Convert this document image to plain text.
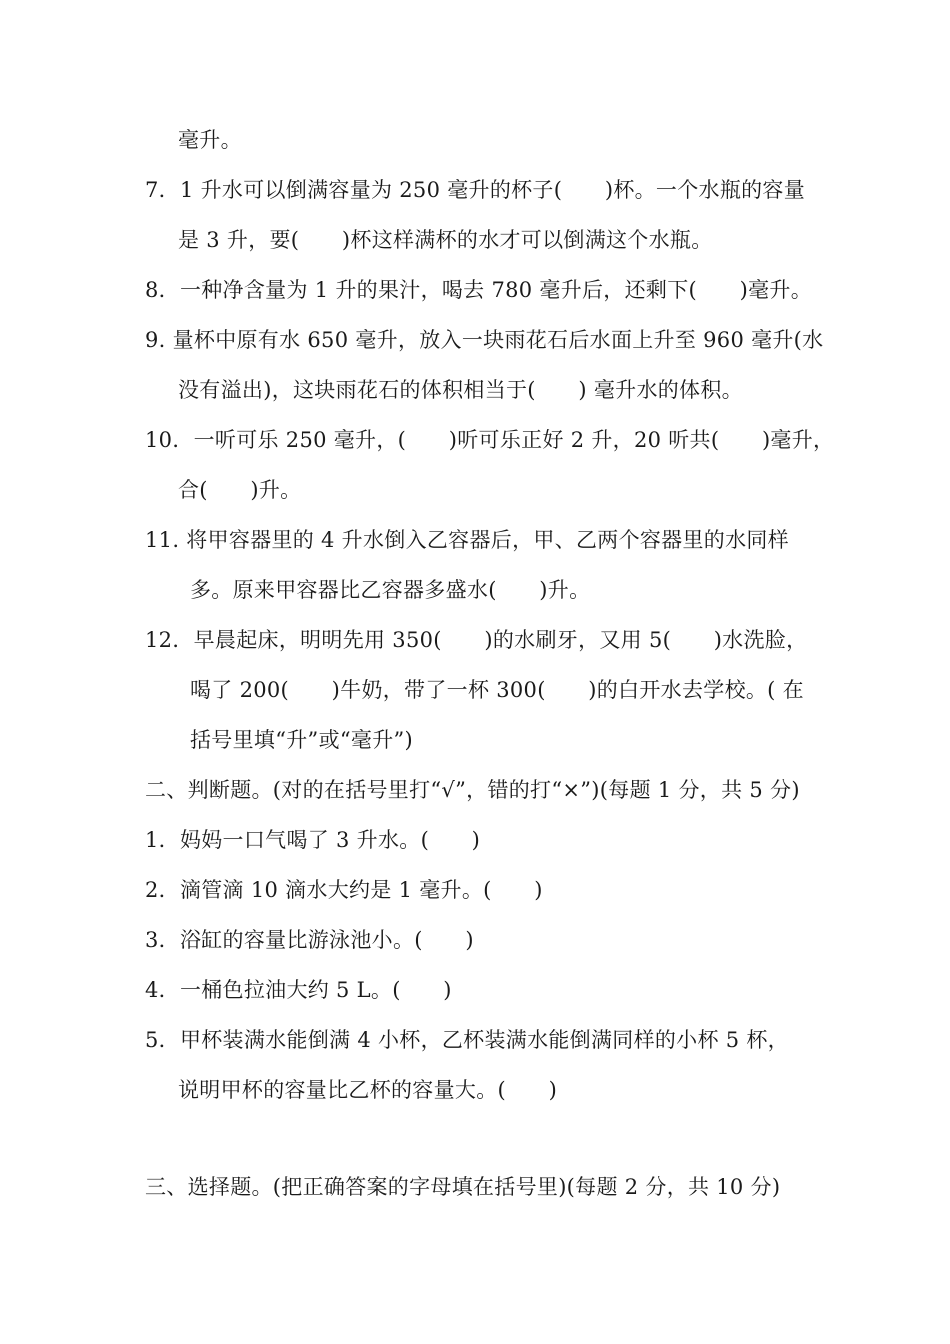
毫升。
7．1 升水可以倒满容量为 250 毫升的杯子(　　)杯。一个水瓶的容量
是 3 升，要(　　)杯这样满杯的水才可以倒满这个水瓶。
8．一种净含量为 1 升的果汁，喝去 780 毫升后，还剩下(　　)毫升。
9. 量杯中原有水 650 毫升，放入一块雨花石后水面上升至 960 毫升(水
没有溢出)，这块雨花石的体积相当于(　　) 毫升水的体积。
10．一听可乐 250 毫升，(　　)听可乐正好 2 升，20 听共(　　)毫升，
合(　　)升。
11. 将甲容器里的 4 升水倒入乙容器后，甲、乙两个容器里的水同样
多。原来甲容器比乙容器多盛水(　　)升。
12．早晨起床，明明先用 350(　　)的水刷牙，又用 5(　　)水洗脸，
喝了 200(　　)牛奶，带了一杯 300(　　)的白开水去学校。( 在
括号里填“升”或“毫升”)
二、判断题。(对的在括号里打“√”，错的打“×”)(每题 1 分，共 5 分)
1．妈妈一口气喝了 3 升水。(　　)
2．滴管滴 10 滴水大约是 1 毫升。(　　)
3．浴缸的容量比游泳池小。(　　)
4．一桶色拉油大约 5 L。(　　)
5．甲杯装满水能倒满 4 小杯，乙杯装满水能倒满同样的小杯 5 杯，
说明甲杯的容量比乙杯的容量大。(　　)
三、选择题。(把正确答案的字母填在括号里)(每题 2 分，共 10 分)
